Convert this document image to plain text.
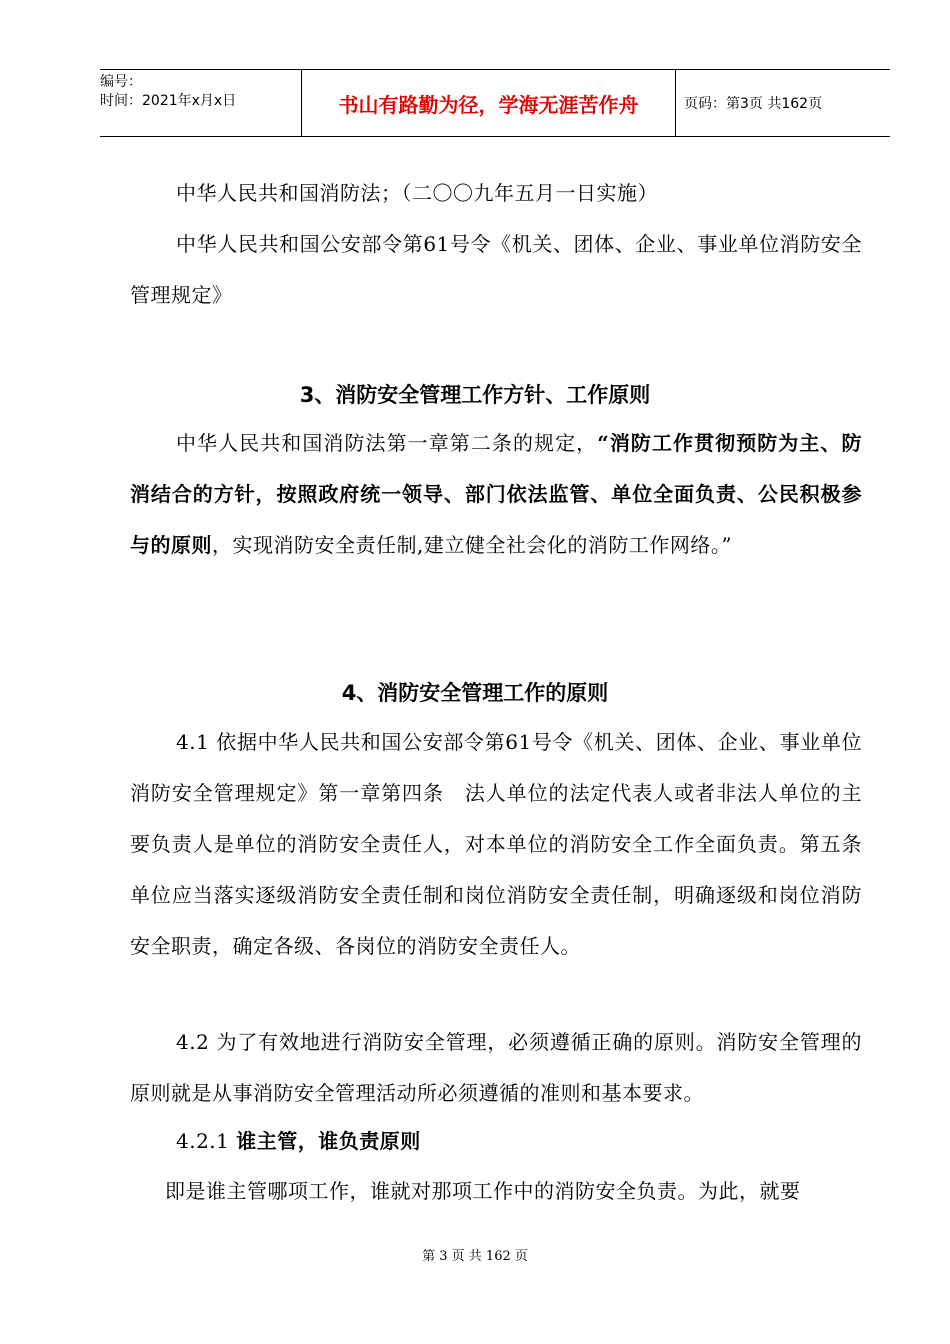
编号：
时间：2021年x月x日	书山有路勤为径，学海无涯苦作舟	页码：第3页 共162页
中华人民共和国消防法；（二〇〇九年五月一日实施）
中华人民共和国公安部令第61号令《机关、团体、企业、事业单位消防安全管理规定》
3、消防安全管理工作方针、工作原则
中华人民共和国消防法第一章第二条的规定，“消防工作贯彻预防为主、防消结合的方针，按照政府统一领导、部门依法监管、单位全面负责、公民积极参与的原则，实现消防安全责任制,建立健全社会化的消防工作网络。”
4、消防安全管理工作的原则
4.1 依据中华人民共和国公安部令第61号令《机关、团体、企业、事业单位消防安全管理规定》第一章第四条　法人单位的法定代表人或者非法人单位的主要负责人是单位的消防安全责任人，对本单位的消防安全工作全面负责。第五条　单位应当落实逐级消防安全责任制和岗位消防安全责任制，明确逐级和岗位消防安全职责，确定各级、各岗位的消防安全责任人。
4.2 为了有效地进行消防安全管理，必须遵循正确的原则。消防安全管理的原则就是从事消防安全管理活动所必须遵循的准则和基本要求。
4.2.1 谁主管，谁负责原则
即是谁主管哪项工作，谁就对那项工作中的消防安全负责。为此，就要
第 3 页 共 162 页
